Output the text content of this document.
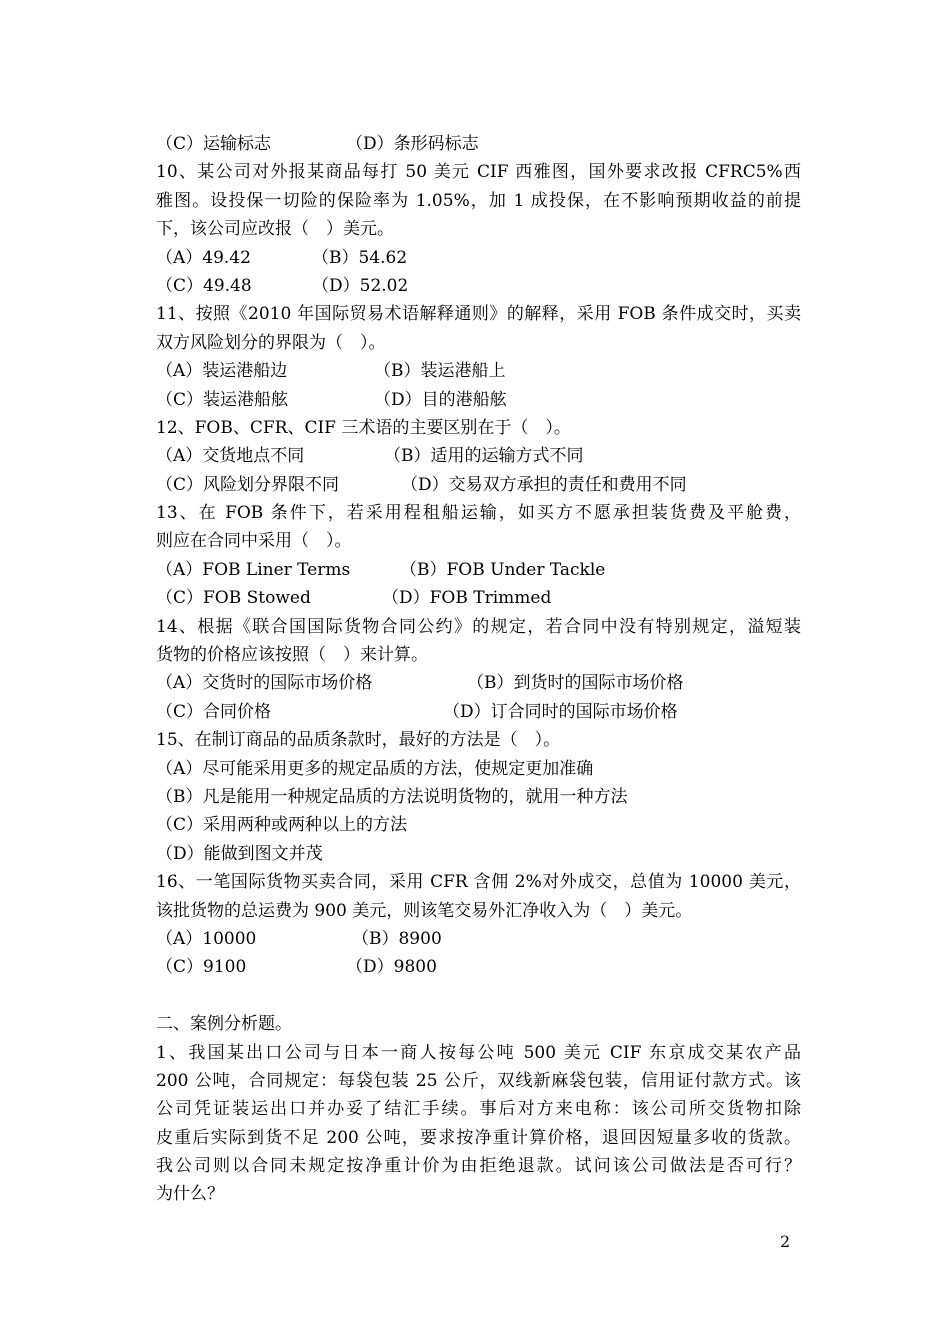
（C）运输标志	（D）条形码标志
10、某公司对外报某商品每打 50 美元 CIF 西雅图，国外要求改报 CFRC5%西
雅图。设投保一切险的保险率为 1.05%，加 1 成投保，在不影响预期收益的前提
下，该公司应改报（　）美元。
（A）49.42	（B）54.62
（C）49.48	（D）52.02
11、按照《2010 年国际贸易术语解释通则》的解释，采用 FOB 条件成交时，买卖
双方风险划分的界限为（　）。
（A）装运港船边	（B）装运港船上
（C）装运港船舷	（D）目的港船舷
12、FOB、CFR、CIF 三术语的主要区别在于（　）。
（A）交货地点不同	（B）适用的运输方式不同
（C）风险划分界限不同	（D）交易双方承担的责任和费用不同
13、在 FOB 条件下，若采用程租船运输，如买方不愿承担装货费及平舱费，
则应在合同中采用（　）。
（A）FOB Liner Terms	（B）FOB Under Tackle
（C）FOB Stowed	（D）FOB Trimmed
14、根据《联合国国际货物合同公约》的规定，若合同中没有特别规定，溢短装
货物的价格应该按照（　）来计算。
（A）交货时的国际市场价格	（B）到货时的国际市场价格
（C）合同价格	（D）订合同时的国际市场价格
15、在制订商品的品质条款时，最好的方法是（　）。
（A）尽可能采用更多的规定品质的方法，使规定更加准确
（B）凡是能用一种规定品质的方法说明货物的，就用一种方法
（C）采用两种或两种以上的方法
（D）能做到图文并茂
16、一笔国际货物买卖合同，采用 CFR 含佣 2%对外成交，总值为 10000 美元，
该批货物的总运费为 900 美元，则该笔交易外汇净收入为（　）美元。
（A）10000	（B）8900
（C）9100	（D）9800
二、案例分析题。
1、我国某出口公司与日本一商人按每公吨 500 美元 CIF 东京成交某农产品
200 公吨，合同规定：每袋包装 25 公斤，双线新麻袋包装，信用证付款方式。该
公司凭证装运出口并办妥了结汇手续。事后对方来电称：该公司所交货物扣除
皮重后实际到货不足 200 公吨，要求按净重计算价格，退回因短量多收的货款。
我公司则以合同未规定按净重计价为由拒绝退款。试问该公司做法是否可行？
为什么？
2
